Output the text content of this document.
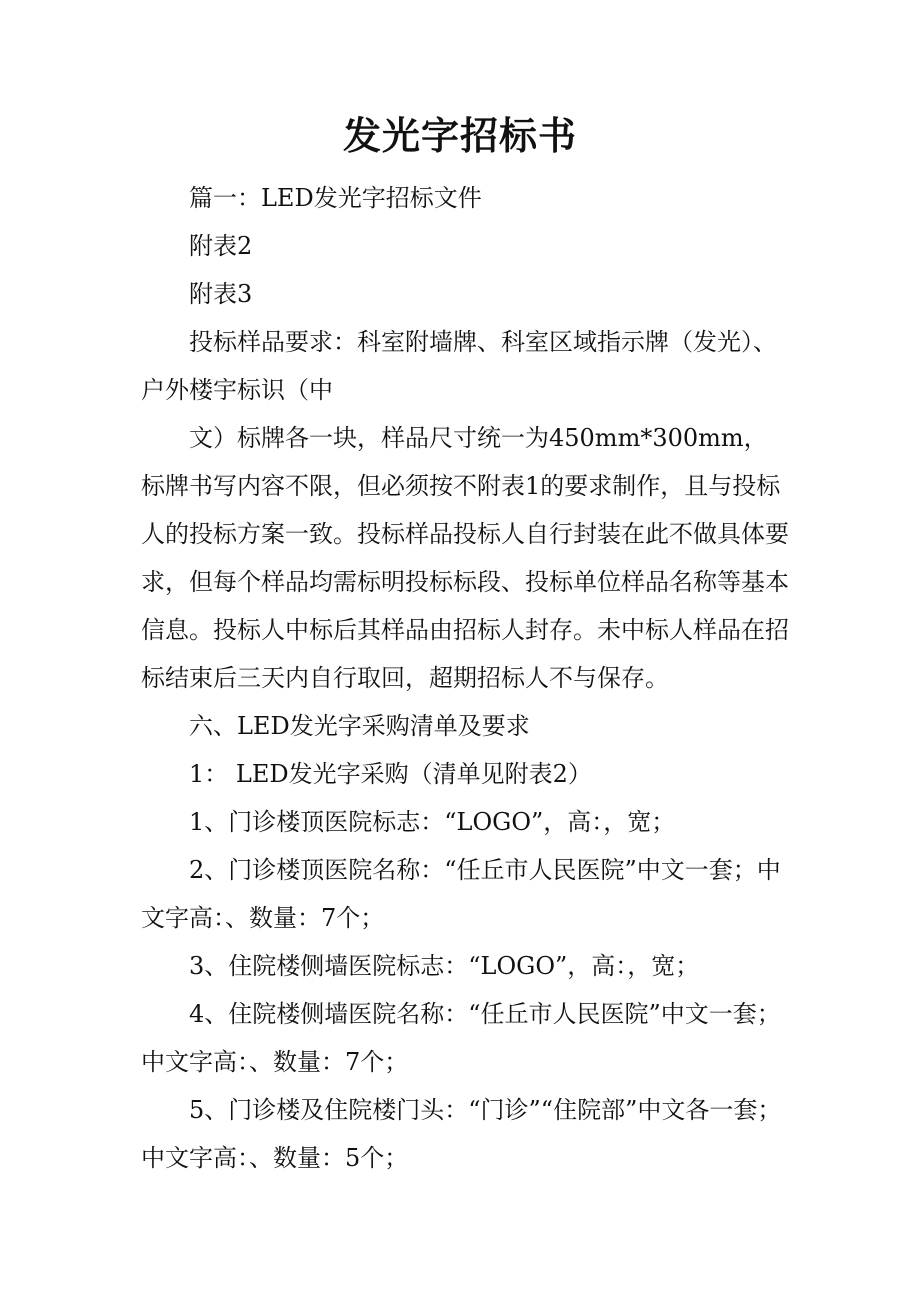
发光字招标书

篇一：LED发光字招标文件

附表2

附表3

投标样品要求：科室附墙牌、科室区域指示牌（发光）、户外楼宇标识（中

文）标牌各一块，样品尺寸统一为450mm*300mm，标牌书写内容不限，但必须按不附表1的要求制作，且与投标人的投标方案一致。投标样品投标人自行封装在此不做具体要求，但每个样品均需标明投标标段、投标单位样品名称等基本信息。投标人中标后其样品由招标人封存。未中标人样品在招标结束后三天内自行取回，超期招标人不与保存。

六、LED发光字采购清单及要求

1： LED发光字采购（清单见附表2）

1、门诊楼顶医院标志：“LOGO”，高：，宽；

2、门诊楼顶医院名称：“任丘市人民医院”中文一套；中文字高：、数量：7个；

3、住院楼侧墙医院标志：“LOGO”，高：，宽；

4、住院楼侧墙医院名称：“任丘市人民医院”中文一套；中文字高：、数量：7个；

5、门诊楼及住院楼门头：“门诊”“住院部”中文各一套；中文字高：、数量：5个；
